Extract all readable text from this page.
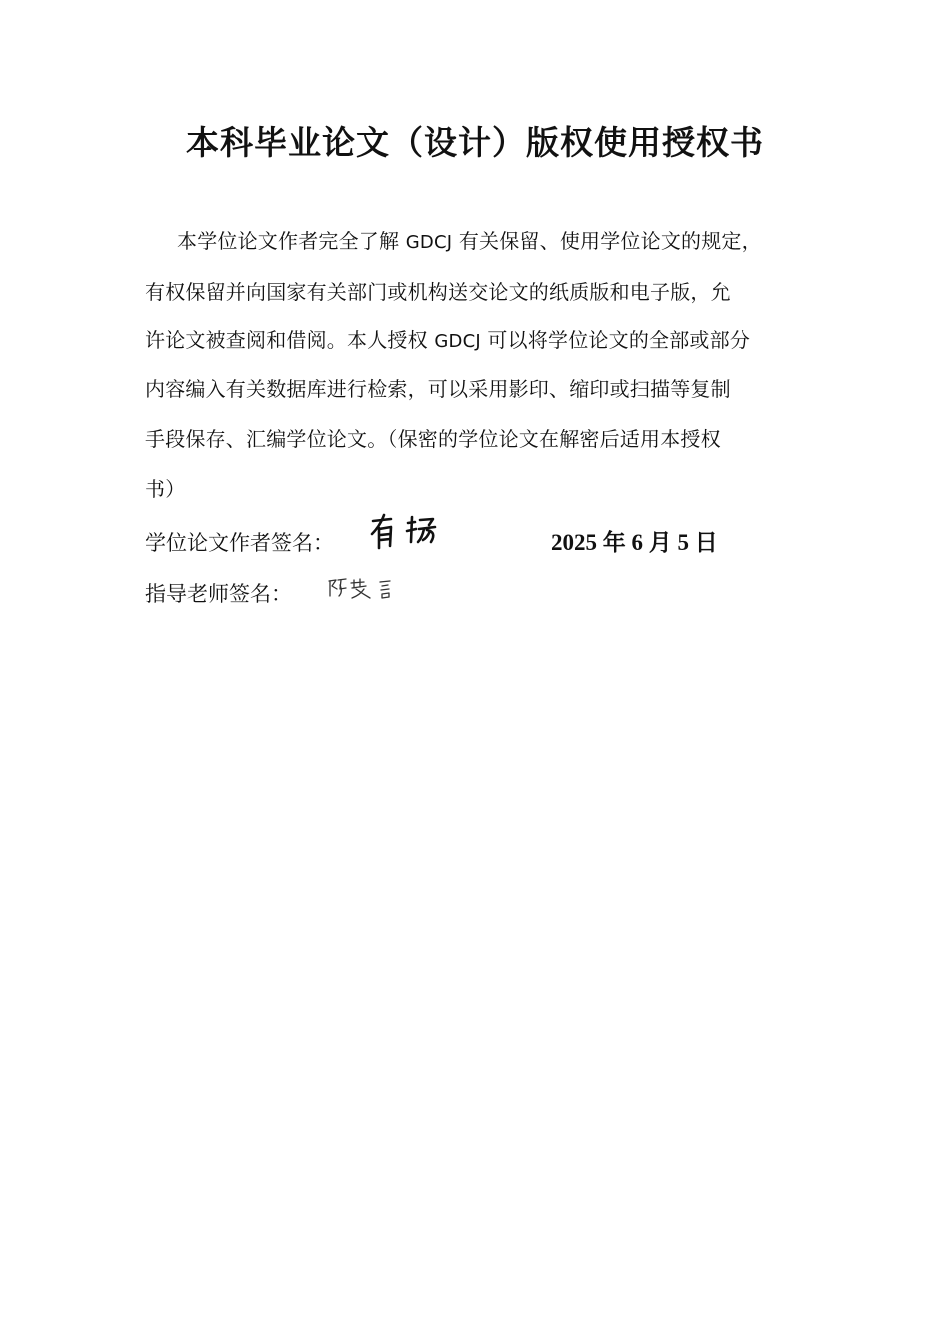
本科毕业论文（设计）版权使用授权书
本学位论文作者完全了解 GDCJ 有关保留、使用学位论文的规定，
有权保留并向国家有关部门或机构送交论文的纸质版和电子版，允
许论文被查阅和借阅。本人授权 GDCJ 可以将学位论文的全部或部分
内容编入有关数据库进行检索，可以采用影印、缩印或扫描等复制
手段保存、汇编学位论文。（保密的学位论文在解密后适用本授权
书）
学位论文作者签名：	2025 年 6 月 5 日
指导老师签名：
